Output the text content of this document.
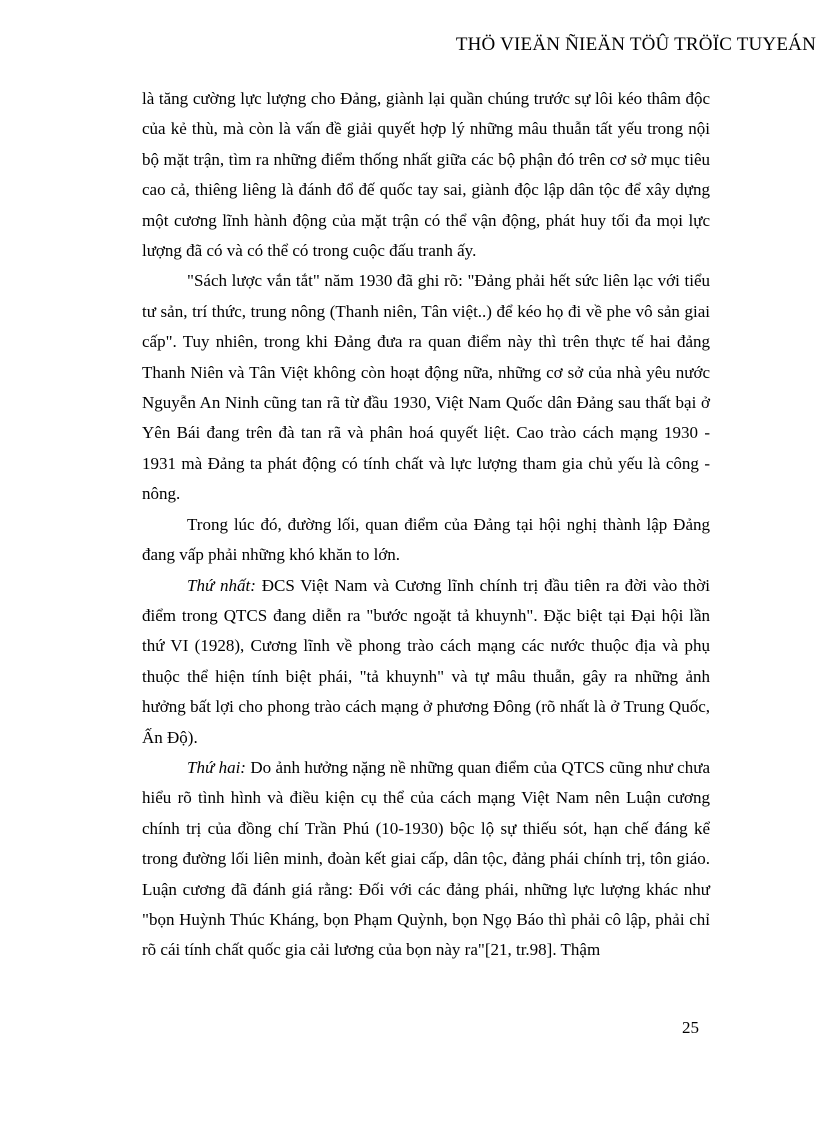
THÖ VIEÄN ÑIEÄN TÖÛ TRÖÏC TUYEÁN

là tăng cường lực lượng cho Đảng, giành lại quần chúng trước sự lôi kéo thâm độc của kẻ thù, mà còn là vấn đề giải quyết hợp lý những mâu thuẫn tất yếu trong nội bộ mặt trận, tìm ra những điểm thống nhất giữa các bộ phận đó trên cơ sở mục tiêu cao cả, thiêng liêng là đánh đổ đế quốc tay sai, giành độc lập dân tộc để xây dựng một cương lĩnh hành động của mặt trận có thể vận động, phát huy tối đa mọi lực lượng đã có và có thể có trong cuộc đấu tranh ấy.

"Sách lược vắn tắt" năm 1930 đã ghi rõ: "Đảng phải hết sức liên lạc với tiểu tư sản, trí thức, trung nông (Thanh niên, Tân việt..) để kéo họ đi về phe vô sản giai cấp". Tuy nhiên, trong khi Đảng đưa ra quan điểm này thì trên thực tế hai đảng Thanh Niên và Tân Việt không còn hoạt động nữa, những cơ sở của nhà yêu nước Nguyễn An Ninh cũng tan rã từ đầu 1930, Việt Nam Quốc dân Đảng sau thất bại ở Yên Bái đang trên đà tan rã và phân hoá quyết liệt. Cao trào cách mạng 1930 - 1931 mà Đảng ta phát động có tính chất và lực lượng tham gia chủ yếu là công - nông.

Trong lúc đó, đường lối, quan điểm của Đảng tại hội nghị thành lập Đảng đang vấp phải những khó khăn to lớn.

Thứ nhất: ĐCS Việt Nam và Cương lĩnh chính trị đầu tiên ra đời vào thời điểm trong QTCS đang diễn ra "bước ngoặt tả khuynh". Đặc biệt tại Đại hội lần thứ VI (1928), Cương lĩnh về phong trào cách mạng các nước thuộc địa và phụ thuộc thể hiện tính biệt phái, "tả khuynh" và tự mâu thuẫn, gây ra những ảnh hưởng bất lợi cho phong trào cách mạng ở phương Đông (rõ nhất là ở Trung Quốc, Ấn Độ).

Thứ hai: Do ảnh hưởng nặng nề những quan điểm của QTCS cũng như chưa hiểu rõ tình hình và điều kiện cụ thể của cách mạng Việt Nam nên Luận cương chính trị của đồng chí Trần Phú (10-1930) bộc lộ sự thiếu sót, hạn chế đáng kể trong đường lối liên minh, đoàn kết giai cấp, dân tộc, đảng phái chính trị, tôn giáo. Luận cương đã đánh giá rằng: Đối với các đảng phái, những lực lượng khác như "bọn Huỳnh Thúc Kháng, bọn Phạm Quỳnh, bọn Ngọ Báo thì phải cô lập, phải chỉ rõ cái tính chất quốc gia cải lương của bọn này ra"[21, tr.98]. Thậm

25
